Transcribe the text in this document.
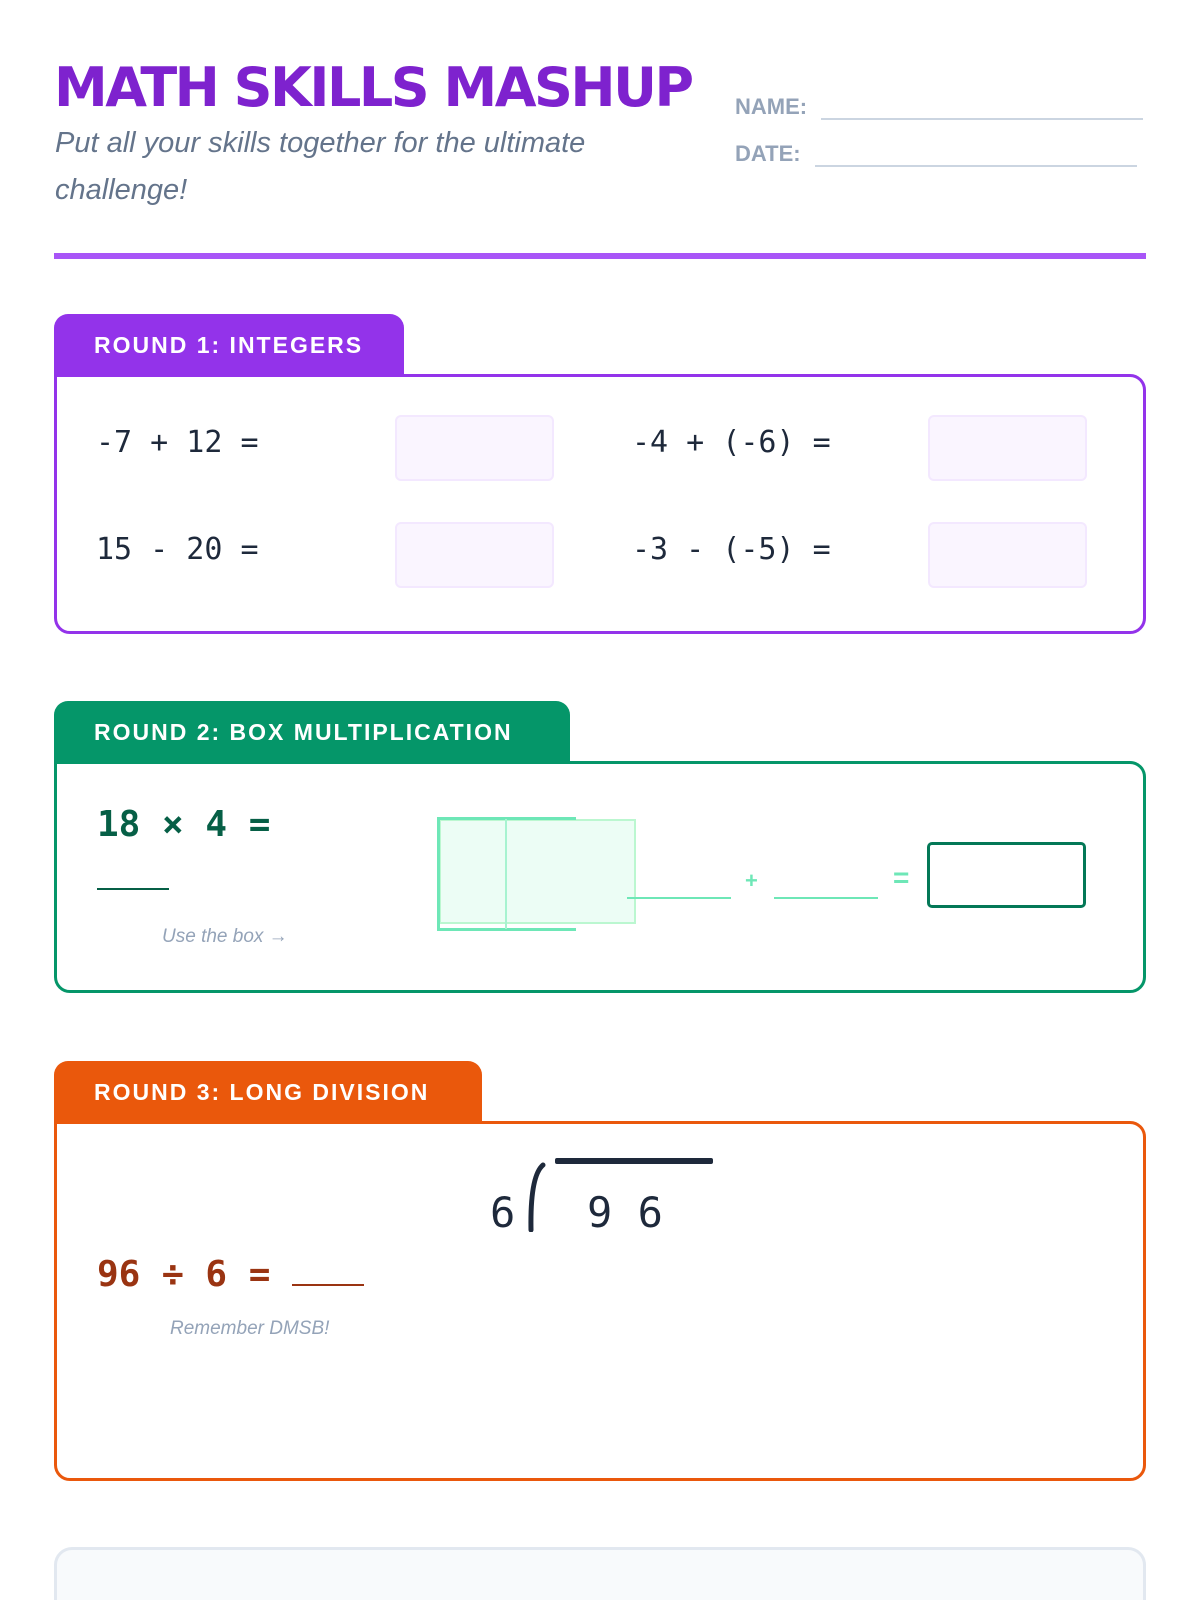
MATH SKILLS MASHUP
Put all your skills together for the ultimate challenge!
NAME:
DATE:
ROUND 1: INTEGERS
-7 + 12 =	-4 + (-6) =
15 - 20 =	-3 - (-5) =
ROUND 2: BOX MULTIPLICATION
18 × 4 =
Use the box →
+	=
ROUND 3: LONG DIVISION
6 9 6
96 ÷ 6 =
Remember DMSB!
